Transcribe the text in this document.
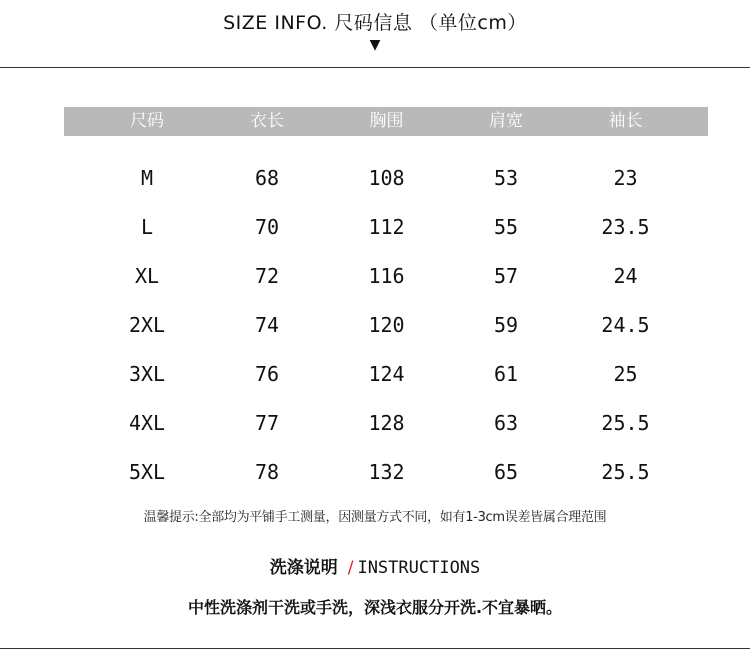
SIZE INFO. 尺码信息 （单位cm）
▼
尺码	衣长	胸围	肩宽	袖长
M	68	108	53	23
L	70	112	55	23.5
XL	72	116	57	24
2XL	74	120	59	24.5
3XL	76	124	61	25
4XL	77	128	63	25.5
5XL	78	132	65	25.5
温馨提示:全部均为平铺手工测量，因测量方式不同，如有1-3cm误差皆属合理范围
洗涤说明 / INSTRUCTIONS
中性洗涤剂干洗或手洗，深浅衣服分开洗.不宜暴晒。
